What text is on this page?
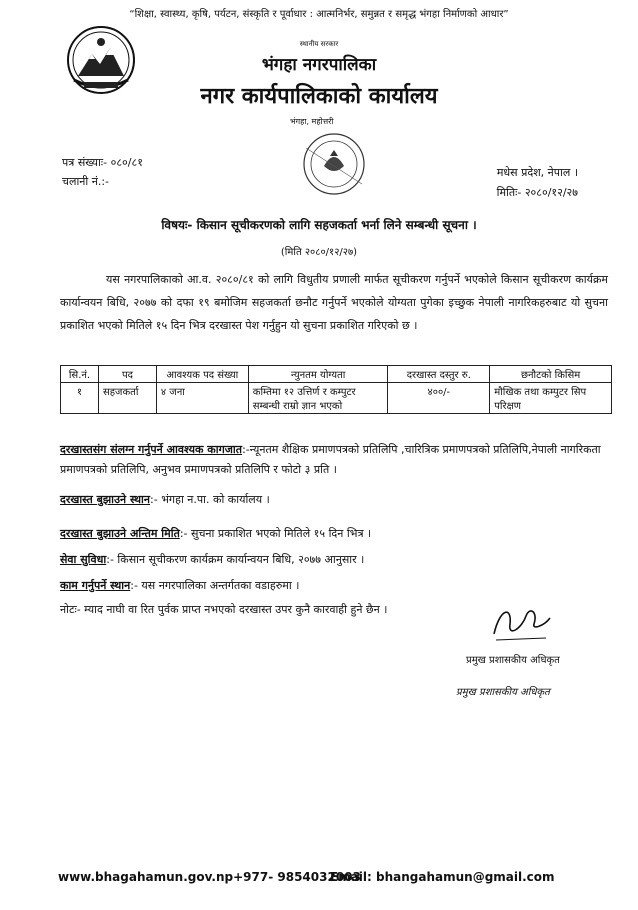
“शिक्षा, स्वास्थ्य, कृषि, पर्यटन, संस्कृति र पूर्वाधार : आत्मनिर्भर, समुन्नत र समृद्ध भंगहा निर्माणको आधार”
स्थानीय सरकार
भंगहा नगरपालिका
नगर कार्यपालिकाको कार्यालय
भंगहा, महोत्तरी
पत्र संख्याः- ०८०/८१
चलानी नं.:-
मधेस प्रदेश, नेपाल ।
मितिः- २०८०/१२/२७
विषयः- किसान सूचीकरणको लागि सहजकर्ता भर्ना लिने सम्बन्धी सूचना ।
(मिति २०८०/१२/२७)
यस नगरपालिकाको आ.व. २०८०/८१ को लागि विधुतीय प्रणाली मार्फत सूचीकरण गर्नुपर्ने भएकोले किसान सूचीकरण कार्यक्रम कार्यान्वयन बिधि, २०७७ को दफा १९ बमोजिम सहजकर्ता छनौट गर्नुपर्ने भएकोले योग्यता पुगेका इच्छुक नेपाली नागरिकहरुबाट यो सुचना प्रकाशित भएको मितिले १५ दिन भित्र दरखास्त पेश गर्नुहुन यो सुचना प्रकाशित गरिएको छ ।
सि.नं.	पद	आवश्यक पद संख्या	न्युनतम योग्यता	दरखास्त दस्तुर रु.	छनौटको किसिम
१	सहजकर्ता	४ जना	कम्तिमा १२ उत्तिर्ण र कम्पुटर सम्बन्धी राम्रो ज्ञान भएको	४००/-	मौखिक तथा कम्पुटर सिप परिक्षण
दरखास्तसंग संलग्न गर्नुपर्ने आवश्यक कागजात:-न्यूनतम शैक्षिक प्रमाणपत्रको प्रतिलिपि ,चारित्रिक प्रमाणपत्रको प्रतिलिपि,नेपाली नागरिकता प्रमाणपत्रको प्रतिलिपि, अनुभव प्रमाणपत्रको प्रतिलिपि र फोटो ३ प्रति ।
दरखास्त बुझाउने स्थान:- भंगहा न.पा. को कार्यालय ।
दरखास्त बुझाउने अन्तिम मिति:- सुचना प्रकाशित भएको मितिले १५ दिन भित्र ।
सेवा सुविधा:- किसान सूचीकरण कार्यक्रम कार्यान्वयन बिधि, २०७७ आनुसार ।
काम गर्नुपर्ने स्थान:- यस नगरपालिका अन्तर्गतका वडाहरुमा ।
नोटः- म्याद नाघी वा रित पुर्वक प्राप्त नभएको दरखास्त उपर कुनै कारवाही हुने छैन ।
प्रमुख प्रशासकीय अधिकृत
प्रमुख प्रशासकीय अधिकृत
www.bhagahamun.gov.np+977- 9854032003
Email: bhangahamun@gmail.com
